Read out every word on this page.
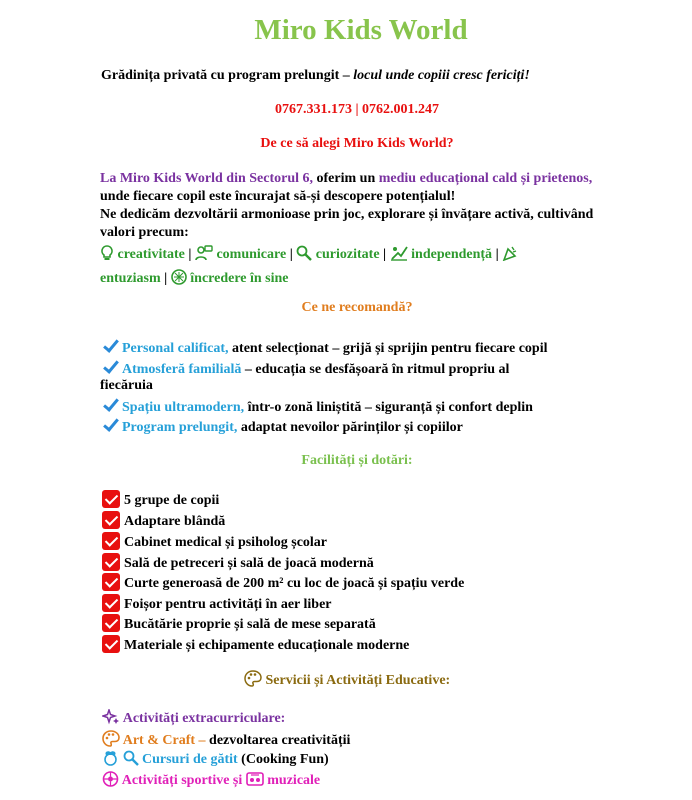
Miro Kids World
Grădinița privată cu program prelungit – locul unde copiii cresc fericiți!
0767.331.173 | 0762.001.247
De ce să alegi Miro Kids World?
La Miro Kids World din Sectorul 6, oferim un mediu educațional cald și prietenos, unde fiecare copil este încurajat să-și descopere potențialul!
Ne dedicăm dezvoltării armonioase prin joc, explorare și învățare activă, cultivând valori precum:
creativitate | comunicare | curiozitate | independență |
entuziasm | încredere în sine
Ce ne recomandă?
Personal calificat, atent selecționat – grijă și sprijin pentru fiecare copil
Atmosferă familială – educația se desfășoară în ritmul propriu al
fiecăruia
Spațiu ultramodern, într-o zonă liniștită – siguranță și confort deplin
Program prelungit, adaptat nevoilor părinților și copiilor
Facilități și dotări:
5 grupe de copii
Adaptare blândă
Cabinet medical și psiholog școlar
Sală de petreceri și sală de joacă modernă
Curte generoasă de 200 m² cu loc de joacă și spațiu verde
Foișor pentru activități în aer liber
Bucătărie proprie și sală de mese separată
Materiale și echipamente educaționale moderne
Servicii și Activități Educative:
Activități extracurriculare:
Art & Craft – dezvoltarea creativității
Cursuri de gătit (Cooking Fun)
Activități sportive și muzicale
